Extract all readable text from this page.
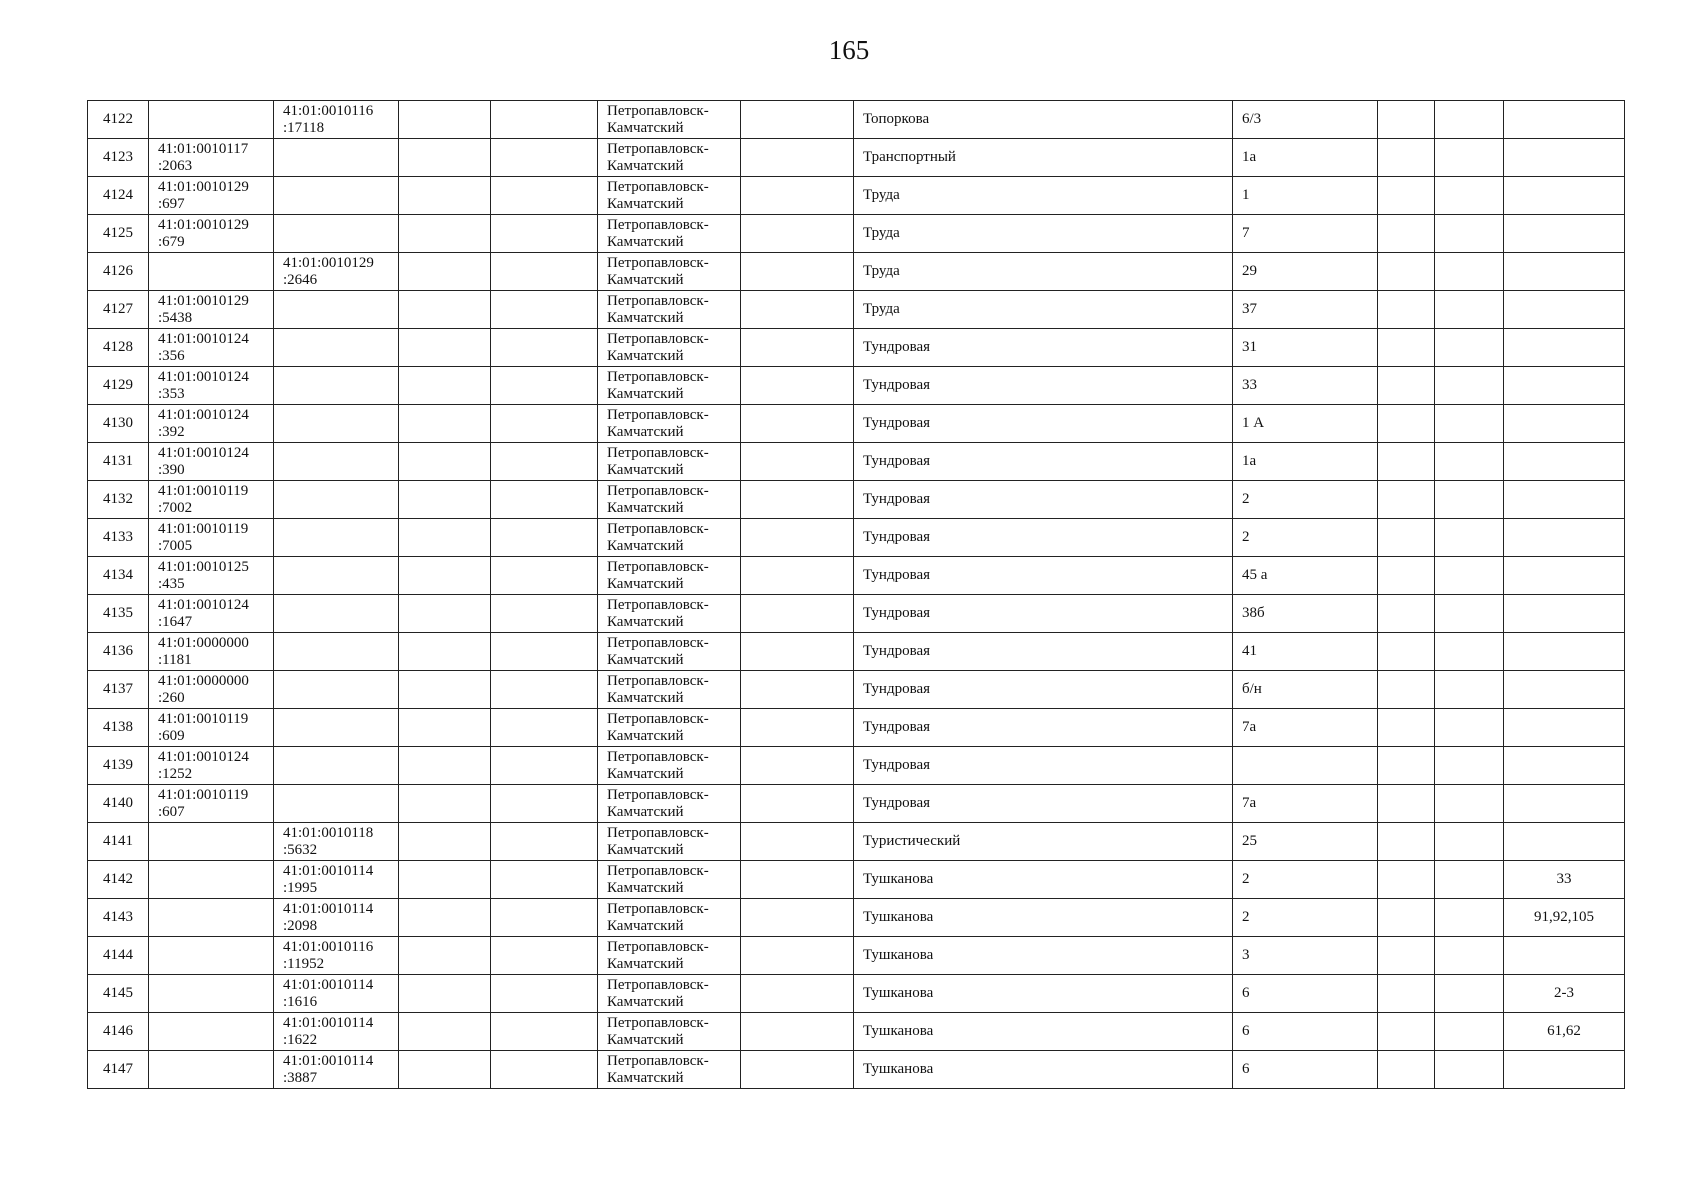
165
4122		41:01:0010116
:17118			Петропавловск-
Камчатский		Топоркова	6/3			
4123	41:01:0010117
:2063				Петропавловск-
Камчатский		Транспортный	1а			
4124	41:01:0010129
:697				Петропавловск-
Камчатский		Труда	1			
4125	41:01:0010129
:679				Петропавловск-
Камчатский		Труда	7			
4126		41:01:0010129
:2646			Петропавловск-
Камчатский		Труда	29			
4127	41:01:0010129
:5438				Петропавловск-
Камчатский		Труда	37			
4128	41:01:0010124
:356				Петропавловск-
Камчатский		Тундровая	31			
4129	41:01:0010124
:353				Петропавловск-
Камчатский		Тундровая	33			
4130	41:01:0010124
:392				Петропавловск-
Камчатский		Тундровая	1 А			
4131	41:01:0010124
:390				Петропавловск-
Камчатский		Тундровая	1а			
4132	41:01:0010119
:7002				Петропавловск-
Камчатский		Тундровая	2			
4133	41:01:0010119
:7005				Петропавловск-
Камчатский		Тундровая	2			
4134	41:01:0010125
:435				Петропавловск-
Камчатский		Тундровая	45 а			
4135	41:01:0010124
:1647				Петропавловск-
Камчатский		Тундровая	38б			
4136	41:01:0000000
:1181				Петропавловск-
Камчатский		Тундровая	41			
4137	41:01:0000000
:260				Петропавловск-
Камчатский		Тундровая	б/н			
4138	41:01:0010119
:609				Петропавловск-
Камчатский		Тундровая	7а			
4139	41:01:0010124
:1252				Петропавловск-
Камчатский		Тундровая				
4140	41:01:0010119
:607				Петропавловск-
Камчатский		Тундровая	7а			
4141		41:01:0010118
:5632			Петропавловск-
Камчатский		Туристический	25			
4142		41:01:0010114
:1995			Петропавловск-
Камчатский		Тушканова	2			33
4143		41:01:0010114
:2098			Петропавловск-
Камчатский		Тушканова	2			91,92,105
4144		41:01:0010116
:11952			Петропавловск-
Камчатский		Тушканова	3			
4145		41:01:0010114
:1616			Петропавловск-
Камчатский		Тушканова	6			2-3
4146		41:01:0010114
:1622			Петропавловск-
Камчатский		Тушканова	6			61,62
4147		41:01:0010114
:3887			Петропавловск-
Камчатский		Тушканова	6			
